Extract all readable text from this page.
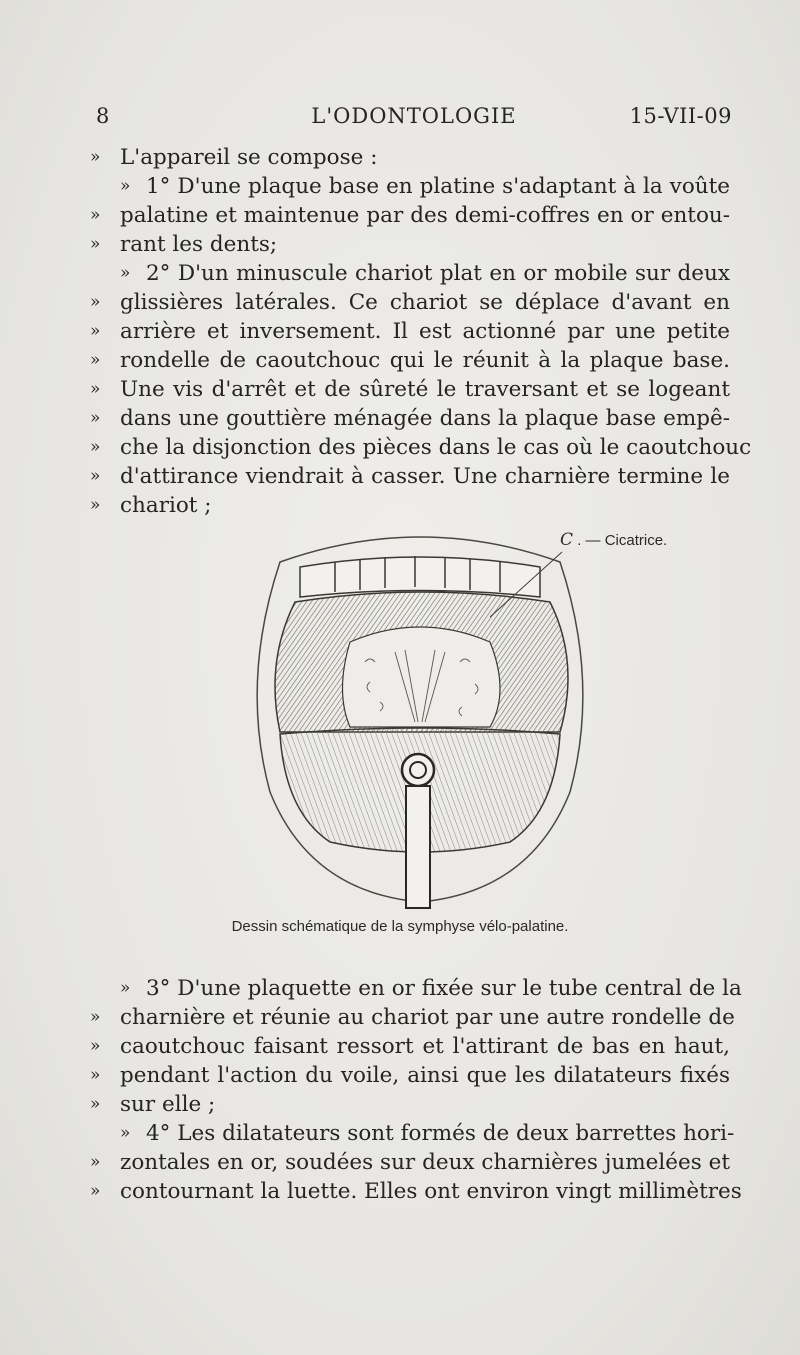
8	L'ODONTOLOGIE	15-VII-09
» L'appareil se compose :
» 1° D'une plaque base en platine s'adaptant à la voûte
» palatine et maintenue par des demi-coffres en or entou-
» rant les dents;
» 2° D'un minuscule chariot plat en or mobile sur deux
» glissières latérales. Ce chariot se déplace d'avant en
» arrière et inversement. Il est actionné par une petite
» rondelle de caoutchouc qui le réunit à la plaque base.
» Une vis d'arrêt et de sûreté le traversant et se logeant
» dans une gouttière ménagée dans la plaque base empê-
» che la disjonction des pièces dans le cas où le caoutchouc
» d'attirance viendrait à casser. Une charnière termine le
» chariot ;
C . — Cicatrice.
Dessin schématique de la symphyse vélo-palatine.
» 3° D'une plaquette en or fixée sur le tube central de la
» charnière et réunie au chariot par une autre rondelle de
» caoutchouc faisant ressort et l'attirant de bas en haut,
» pendant l'action du voile, ainsi que les dilatateurs fixés
» sur elle ;
» 4° Les dilatateurs sont formés de deux barrettes hori-
» zontales en or, soudées sur deux charnières jumelées et
» contournant la luette. Elles ont environ vingt millimètres
